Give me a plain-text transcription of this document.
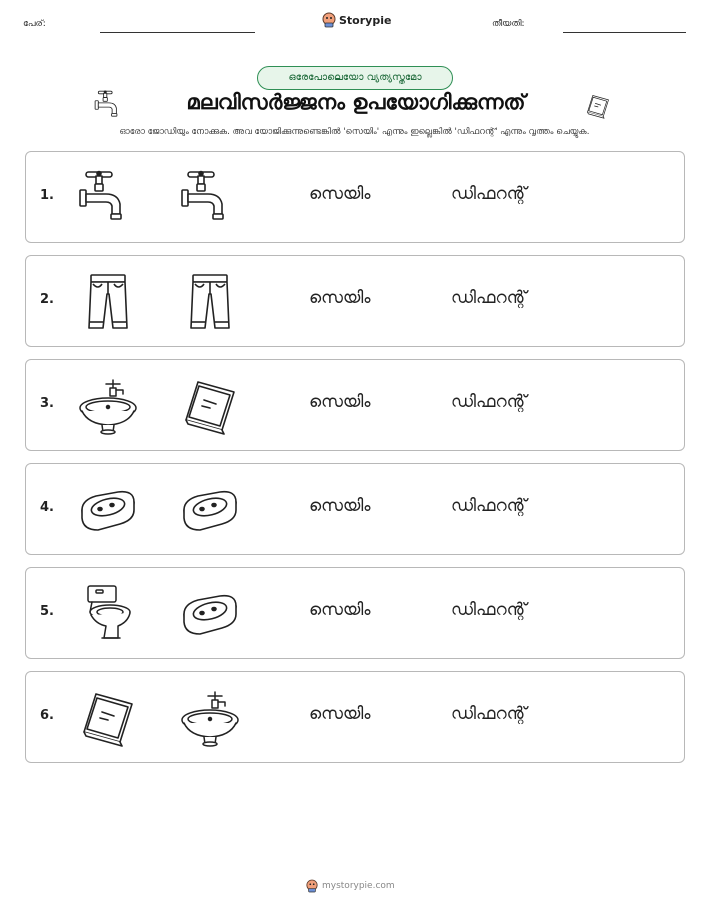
പേര്:	Storypie	തീയതി:
ഒരേപോലെയോ വ്യത്യസ്തമോ
മലവിസർജ്ജനം ഉപയോഗിക്കുന്നത്
ഓരോ ജോഡിയും നോക്കുക. അവ യോജിക്കുന്നുണ്ടെങ്കിൽ 'സെയിം' എന്നും ഇല്ലെങ്കിൽ 'ഡിഫറന്റ്' എന്നും വൃത്തം ചെയ്യുക.
1.	സെയിം	ഡിഫറന്റ്
2.	സെയിം	ഡിഫറന്റ്
3.	സെയിം	ഡിഫറന്റ്
4.	സെയിം	ഡിഫറന്റ്
5.	സെയിം	ഡിഫറന്റ്
6.	സെയിം	ഡിഫറന്റ്
mystorypie.com
